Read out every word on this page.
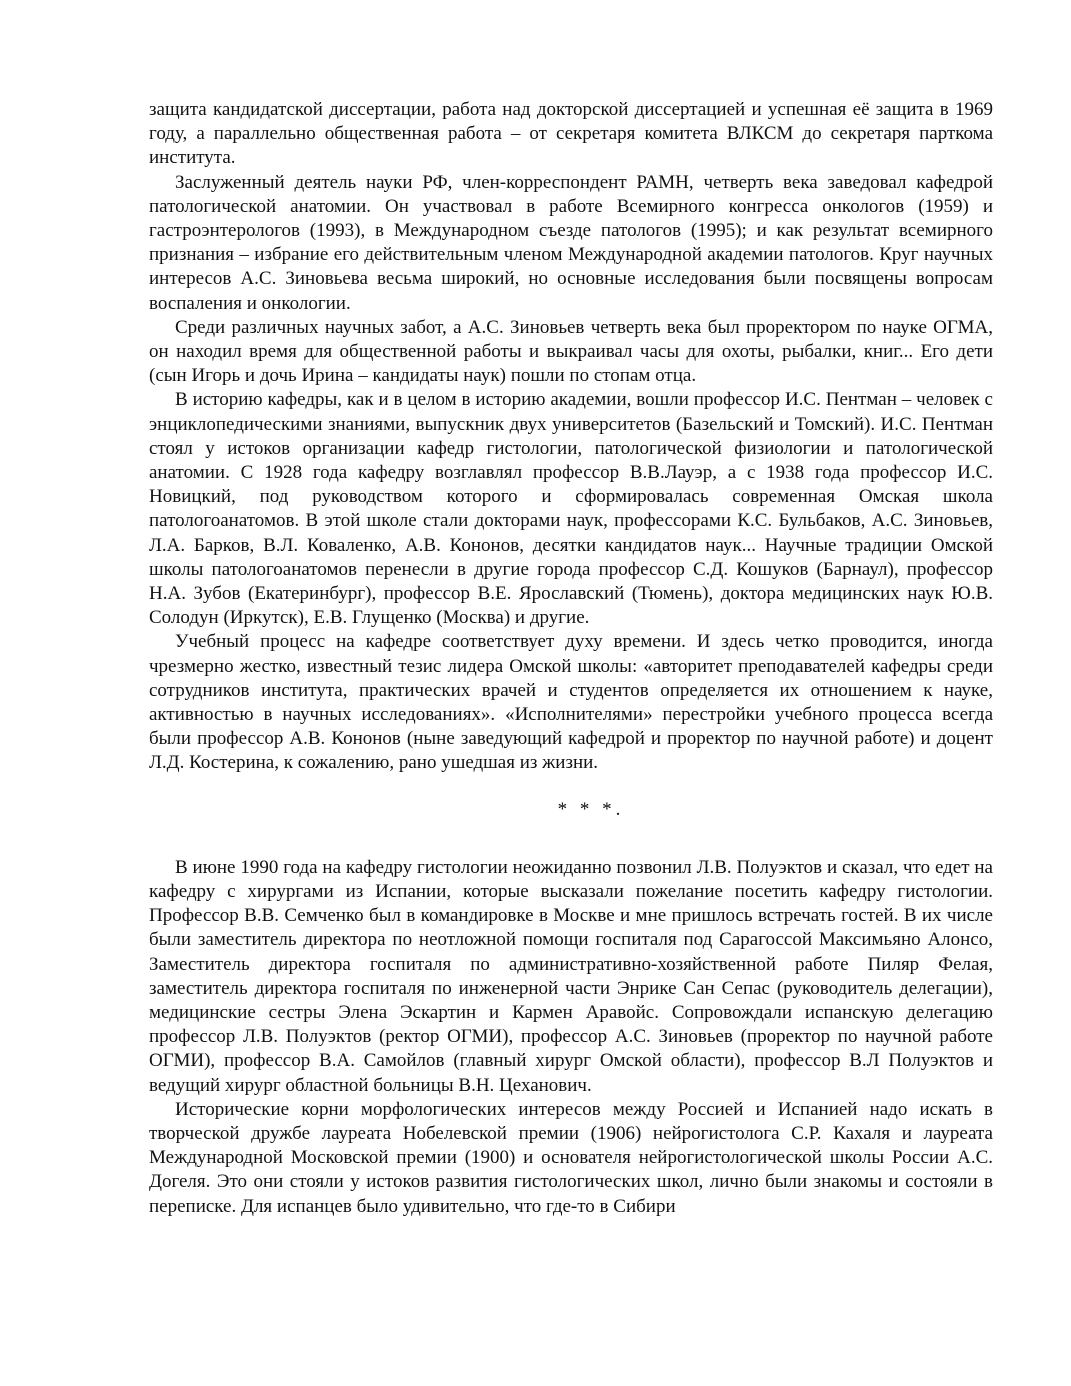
защита кандидатской диссертации, работа над докторской диссертацией и успешная её защита в 1969 году, а параллельно общественная работа – от секретаря комитета ВЛКСМ до секретаря парткома института.

Заслуженный деятель науки РФ, член-корреспондент РАМН, четверть века заведовал кафедрой патологической анатомии. Он участвовал в работе Всемирного конгресса онкологов (1959) и гастроэнтерологов (1993), в Международном съезде патологов (1995); и как результат всемирного признания – избрание его действительным членом Международной академии патологов. Круг научных интересов А.С. Зиновьева весьма широкий, но основные исследования были посвящены вопросам воспаления и онкологии.

Среди различных научных забот, а А.С. Зиновьев четверть века был проректором по науке ОГМА, он находил время для общественной работы и выкраивал часы для охоты, рыбалки, книг... Его дети (сын Игорь и дочь Ирина – кандидаты наук) пошли по стопам отца.

В историю кафедры, как и в целом в историю академии, вошли профессор И.С. Пентман – человек с энциклопедическими знаниями, выпускник двух университетов (Базельский и Томский). И.С. Пентман стоял у истоков организации кафедр гистологии, патологической физиологии и патологической анатомии. С 1928 года кафедру возглавлял профессор В.В.Лауэр, а с 1938 года профессор И.С. Новицкий, под руководством которого и сформировалась современная Омская школа патологоанатомов. В этой школе стали докторами наук, профессорами К.С. Бульбаков, А.С. Зиновьев, Л.А. Барков, В.Л. Коваленко, А.В. Кононов, десятки кандидатов наук... Научные традиции Омской школы патологоанатомов перенесли в другие города профессор С.Д. Кошуков (Барнаул), профессор Н.А. Зубов (Екатеринбург), профессор В.Е. Ярославский (Тюмень), доктора медицинских наук Ю.В. Солодун (Иркутск), Е.В. Глущенко (Москва) и другие.

Учебный процесс на кафедре соответствует духу времени. И здесь четко проводится, иногда чрезмерно жестко, известный тезис лидера Омской школы: «авторитет преподавателей кафедры среди сотрудников института, практических врачей и студентов определяется их отношением к науке, активностью в научных исследованиях». «Исполнителями» перестройки учебного процесса всегда были профессор А.В. Кононов (ныне заведующий кафедрой и проректор по научной работе) и доцент Л.Д. Костерина, к сожалению, рано ушедшая из жизни.

* * *.

В июне 1990 года на кафедру гистологии неожиданно позвонил Л.В. Полуэктов и сказал, что едет на кафедру с хирургами из Испании, которые высказали пожелание посетить кафедру гистологии. Профессор В.В. Семченко был в командировке в Москве и мне пришлось встречать гостей. В их числе были заместитель директора по неотложной помощи госпиталя под Сарагоссой Максимьяно Алонсо, Заместитель директора госпиталя по административно-хозяйственной работе Пиляр Фелая, заместитель директора госпиталя по инженерной части Энрике Сан Сепас (руководитель делегации), медицинские сестры Элена Эскартин и Кармен Аравойс. Сопровождали испанскую делегацию профессор Л.В. Полуэктов (ректор ОГМИ), профессор А.С. Зиновьев (проректор по научной работе ОГМИ), профессор В.А. Самойлов (главный хирург Омской области), профессор В.Л Полуэктов и ведущий хирург областной больницы В.Н. Цеханович.

Исторические корни морфологических интересов между Россией и Испанией надо искать в творческой дружбе лауреата Нобелевской премии (1906) нейрогистолога С.Р. Кахаля и лауреата Международной Московской премии (1900) и основателя нейрогистологической школы России А.С. Догеля. Это они стояли у истоков развития гистологических школ, лично были знакомы и состояли в переписке. Для испанцев было удивительно, что где-то в Сибири
